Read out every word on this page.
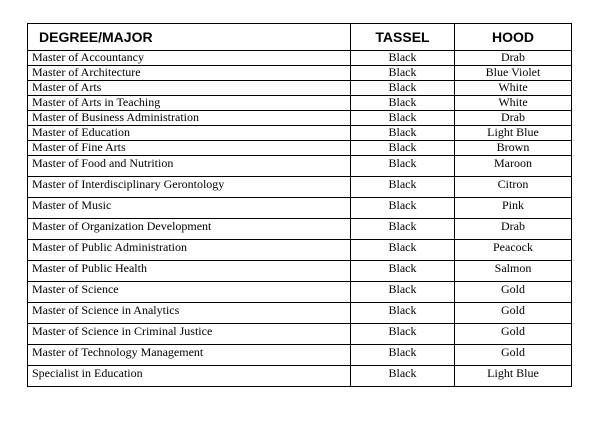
DEGREE/MAJOR	TASSEL	HOOD
Master of Accountancy	Black	Drab
Master of Architecture	Black	Blue Violet
Master of Arts	Black	White
Master of Arts in Teaching	Black	White
Master of Business Administration	Black	Drab
Master of Education	Black	Light Blue
Master of Fine Arts	Black	Brown
Master of Food and Nutrition	Black	Maroon
Master of Interdisciplinary Gerontology	Black	Citron
Master of Music	Black	Pink
Master of Organization Development	Black	Drab
Master of Public Administration	Black	Peacock
Master of Public Health	Black	Salmon
Master of Science	Black	Gold
Master of Science in Analytics	Black	Gold
Master of Science in Criminal Justice	Black	Gold
Master of Technology Management	Black	Gold
Specialist in Education	Black	Light Blue
